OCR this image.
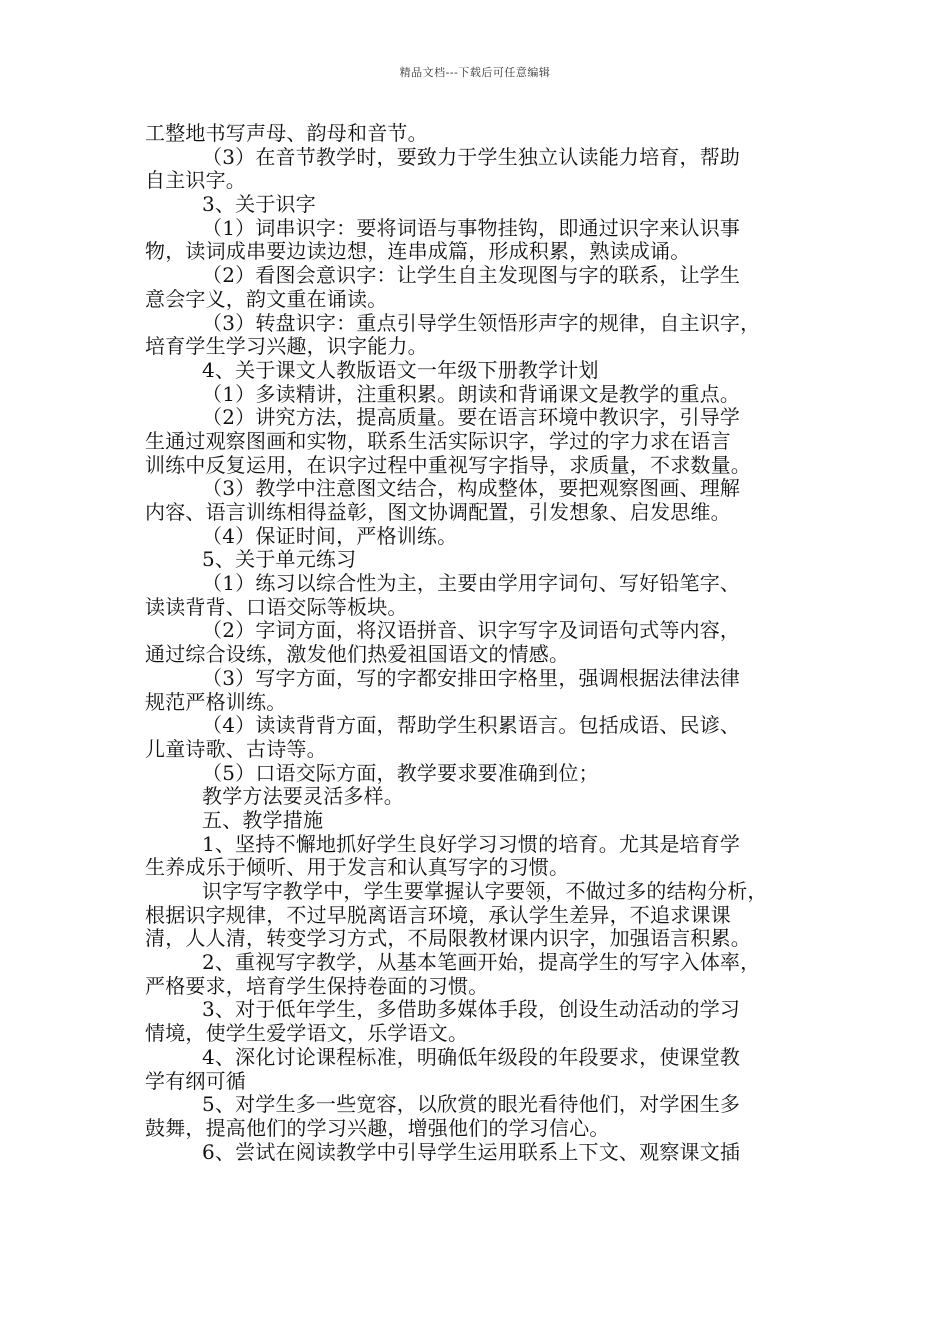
精品文档---下载后可任意编辑
工整地书写声母、韵母和音节。
（3）在音节教学时，要致力于学生独立认读能力培育，帮助
自主识字。
3、关于识字
（1）词串识字：要将词语与事物挂钩，即通过识字来认识事
物，读词成串要边读边想，连串成篇，形成积累，熟读成诵。
（2）看图会意识字：让学生自主发现图与字的联系，让学生
意会字义，韵文重在诵读。
（3）转盘识字：重点引导学生领悟形声字的规律，自主识字，
培育学生学习兴趣，识字能力。
4、关于课文人教版语文一年级下册教学计划
（1）多读精讲，注重积累。朗读和背诵课文是教学的重点。
（2）讲究方法，提高质量。要在语言环境中教识字，引导学
生通过观察图画和实物，联系生活实际识字，学过的字力求在语言
训练中反复运用，在识字过程中重视写字指导，求质量，不求数量。
（3）教学中注意图文结合，构成整体，要把观察图画、理解
内容、语言训练相得益彰，图文协调配置，引发想象、启发思维。
（4）保证时间，严格训练。
5、关于单元练习
（1）练习以综合性为主，主要由学用字词句、写好铅笔字、
读读背背、口语交际等板块。
（2）字词方面，将汉语拼音、识字写字及词语句式等内容，
通过综合设练，激发他们热爱祖国语文的情感。
（3）写字方面，写的字都安排田字格里，强调根据法律法律
规范严格训练。
（4）读读背背方面，帮助学生积累语言。包括成语、民谚、
儿童诗歌、古诗等。
（5）口语交际方面，教学要求要准确到位；
教学方法要灵活多样。
五、教学措施
1、坚持不懈地抓好学生良好学习习惯的培育。尤其是培育学
生养成乐于倾听、用于发言和认真写字的习惯。
识字写字教学中，学生要掌握认字要领，不做过多的结构分析，
根据识字规律，不过早脱离语言环境，承认学生差异，不追求课课
清，人人清，转变学习方式，不局限教材课内识字，加强语言积累。
2、重视写字教学，从基本笔画开始，提高学生的写字入体率，
严格要求，培育学生保持卷面的习惯。
3、对于低年学生，多借助多媒体手段，创设生动活动的学习
情境，使学生爱学语文，乐学语文。
4、深化讨论课程标准，明确低年级段的年段要求，使课堂教
学有纲可循
5、对学生多一些宽容，以欣赏的眼光看待他们，对学困生多
鼓舞，提高他们的学习兴趣，增强他们的学习信心。
6、尝试在阅读教学中引导学生运用联系上下文、观察课文插
